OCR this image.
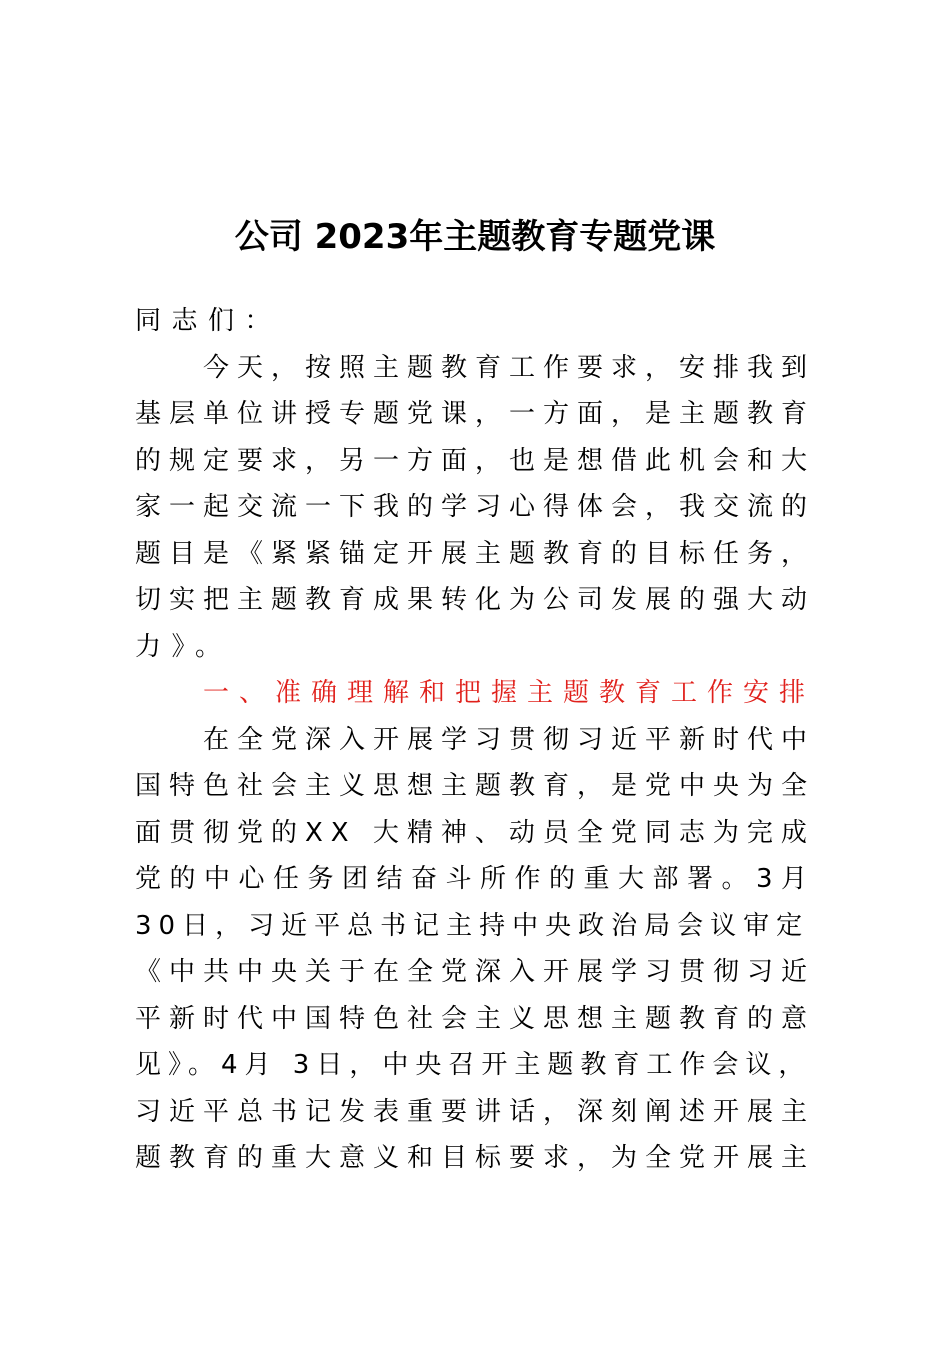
公司 2023年主题教育专题党课
同志们：
今天，按照主题教育工作要求，安排我到
基层单位讲授专题党课，一方面，是主题教育
的规定要求，另一方面，也是想借此机会和大
家一起交流一下我的学习心得体会，我交流的
题目是《紧紧锚定开展主题教育的目标任务，
切实把主题教育成果转化为公司发展的强大动
力》。
一、准确理解和把握主题教育工作安排
在全党深入开展学习贯彻习近平新时代中
国特色社会主义思想主题教育，是党中央为全
面贯彻党的XX 大精神、动员全党同志为完成
党的中心任务团结奋斗所作的重大部署。3月
30日，习近平总书记主持中央政治局会议审定
《中共中央关于在全党深入开展学习贯彻习近
平新时代中国特色社会主义思想主题教育的意
见》。4月 3日，中央召开主题教育工作会议，
习近平总书记发表重要讲话，深刻阐述开展主
题教育的重大意义和目标要求，为全党开展主
